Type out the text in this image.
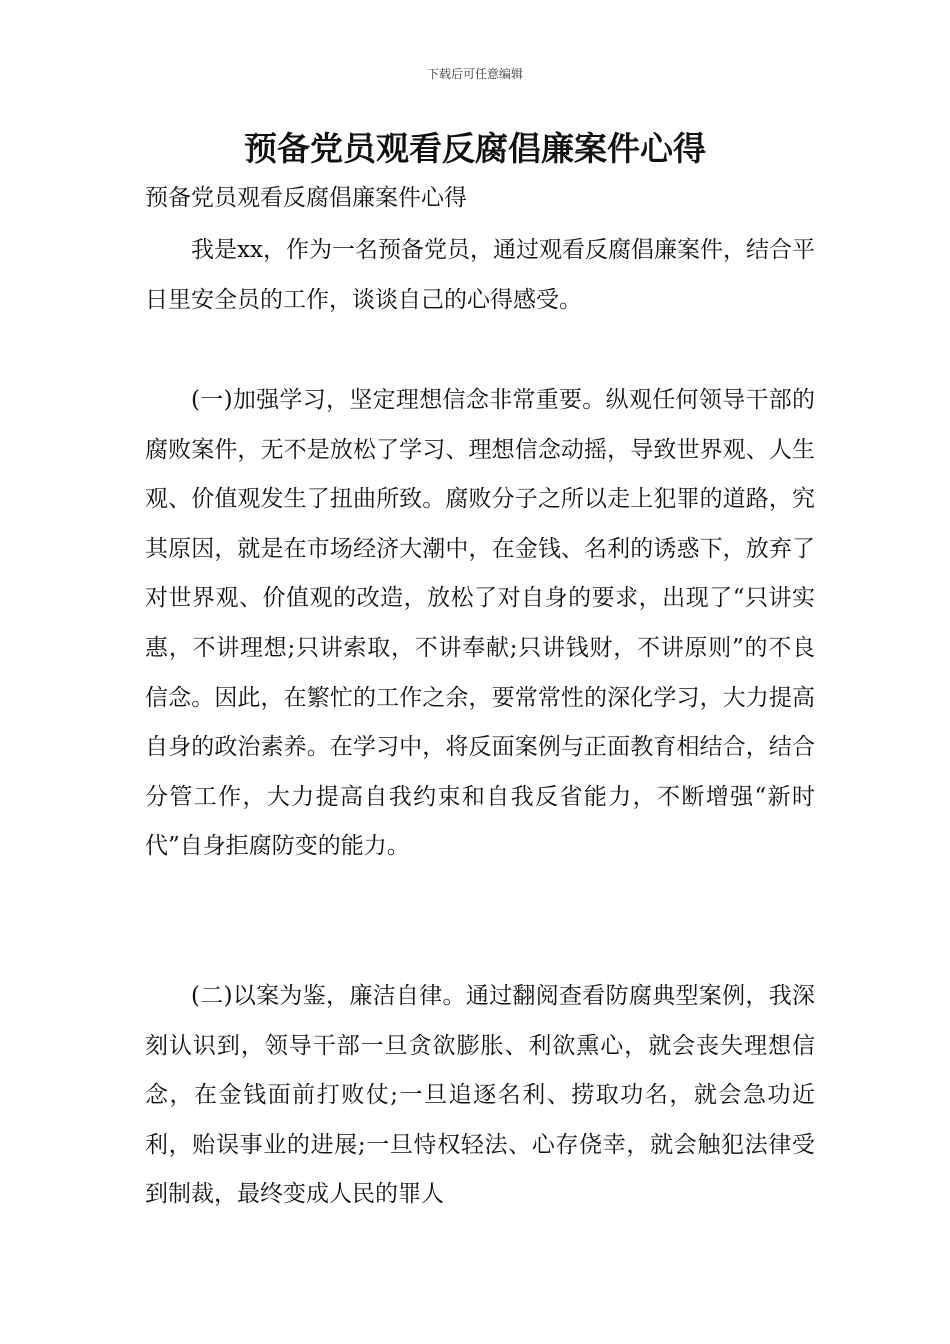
下载后可任意编辑
预备党员观看反腐倡廉案件心得

预备党员观看反腐倡廉案件心得

我是xx，作为一名预备党员，通过观看反腐倡廉案件，结合平日里安全员的工作，谈谈自己的心得感受。

(一)加强学习，坚定理想信念非常重要。纵观任何领导干部的腐败案件，无不是放松了学习、理想信念动摇，导致世界观、人生观、价值观发生了扭曲所致。腐败分子之所以走上犯罪的道路，究其原因，就是在市场经济大潮中，在金钱、名利的诱惑下，放弃了对世界观、价值观的改造，放松了对自身的要求，出现了“只讲实惠，不讲理想;只讲索取，不讲奉献;只讲钱财，不讲原则”的不良信念。因此，在繁忙的工作之余，要常常性的深化学习，大力提高自身的政治素养。在学习中，将反面案例与正面教育相结合，结合分管工作，大力提高自我约束和自我反省能力，不断增强“新时代”自身拒腐防变的能力。

(二)以案为鉴，廉洁自律。通过翻阅查看防腐典型案例，我深刻认识到，领导干部一旦贪欲膨胀、利欲熏心，就会丧失理想信念，在金钱面前打败仗;一旦追逐名利、捞取功名，就会急功近利，贻误事业的进展;一旦恃权轻法、心存侥幸，就会触犯法律受到制裁，最终变成人民的罪人
